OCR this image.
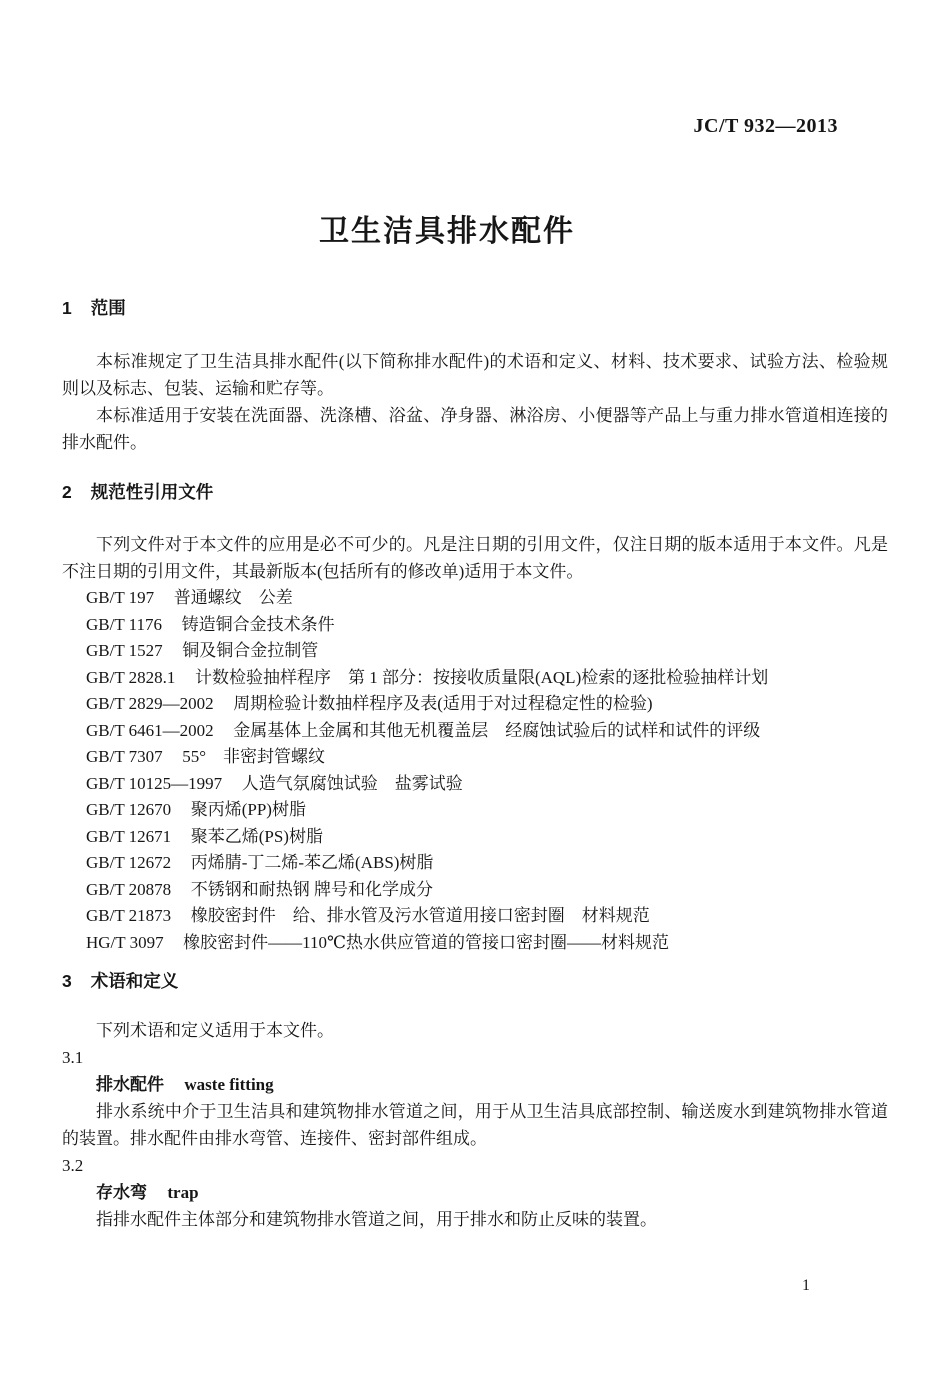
JC/T 932—2013
卫生洁具排水配件
1 范围

本标准规定了卫生洁具排水配件(以下简称排水配件)的术语和定义、材料、技术要求、试验方法、检验规则以及标志、包装、运输和贮存等。

本标准适用于安装在洗面器、洗涤槽、浴盆、净身器、淋浴房、小便器等产品上与重力排水管道相连接的排水配件。

2 规范性引用文件

下列文件对于本文件的应用是必不可少的。凡是注日期的引用文件，仅注日期的版本适用于本文件。凡是不注日期的引用文件，其最新版本(包括所有的修改单)适用于本文件。

GB/T 197 普通螺纹　公差
GB/T 1176 铸造铜合金技术条件
GB/T 1527 铜及铜合金拉制管
GB/T 2828.1 计数检验抽样程序　第 1 部分：按接收质量限(AQL)检索的逐批检验抽样计划
GB/T 2829—2002 周期检验计数抽样程序及表(适用于对过程稳定性的检验)
GB/T 6461—2002 金属基体上金属和其他无机覆盖层　经腐蚀试验后的试样和试件的评级
GB/T 7307 55°　非密封管螺纹
GB/T 10125—1997 人造气氛腐蚀试验　盐雾试验
GB/T 12670 聚丙烯(PP)树脂
GB/T 12671 聚苯乙烯(PS)树脂
GB/T 12672 丙烯腈-丁二烯-苯乙烯(ABS)树脂
GB/T 20878 不锈钢和耐热钢 牌号和化学成分
GB/T 21873 橡胶密封件　给、排水管及污水管道用接口密封圈　材料规范
HG/T 3097 橡胶密封件——110℃热水供应管道的管接口密封圈——材料规范
3 术语和定义

下列术语和定义适用于本文件。

3.1
排水配件 waste fitting

排水系统中介于卫生洁具和建筑物排水管道之间，用于从卫生洁具底部控制、输送废水到建筑物排水管道的装置。排水配件由排水弯管、连接件、密封部件组成。

3.2
存水弯 trap

指排水配件主体部分和建筑物排水管道之间，用于排水和防止反味的装置。

1
